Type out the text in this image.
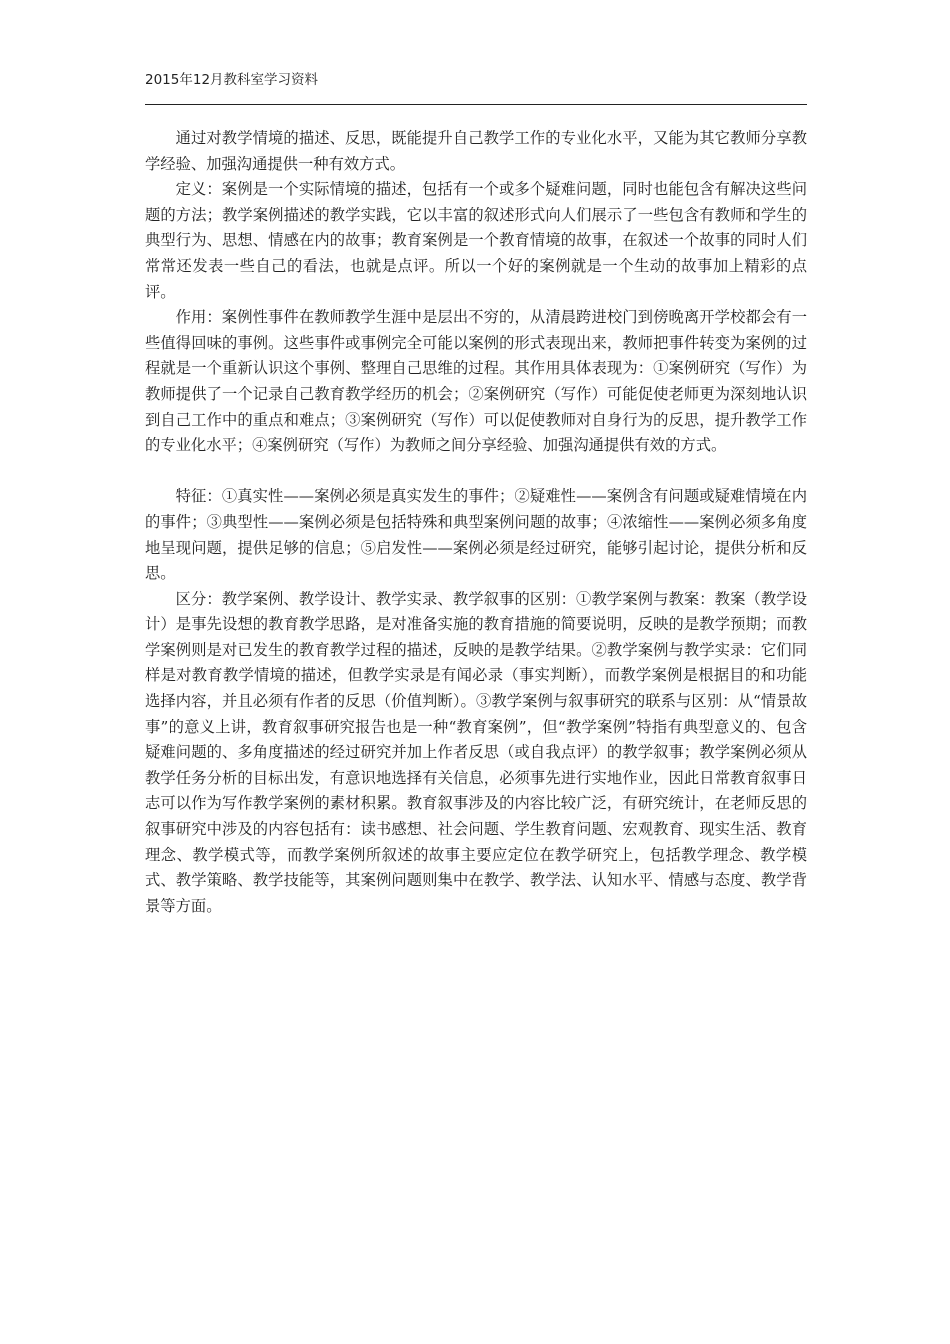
2015年12月教科室学习资料

通过对教学情境的描述、反思，既能提升自己教学工作的专业化水平，又能为其它教师分享教学经验、加强沟通提供一种有效方式。

定义：案例是一个实际情境的描述，包括有一个或多个疑难问题，同时也能包含有解决这些问题的方法；教学案例描述的教学实践，它以丰富的叙述形式向人们展示了一些包含有教师和学生的典型行为、思想、情感在内的故事；教育案例是一个教育情境的故事，在叙述一个故事的同时人们常常还发表一些自己的看法，也就是点评。所以一个好的案例就是一个生动的故事加上精彩的点评。

作用：案例性事件在教师教学生涯中是层出不穷的，从清晨跨进校门到傍晚离开学校都会有一些值得回味的事例。这些事件或事例完全可能以案例的形式表现出来，教师把事件转变为案例的过程就是一个重新认识这个事例、整理自己思维的过程。其作用具体表现为：①案例研究（写作）为教师提供了一个记录自己教育教学经历的机会；②案例研究（写作）可能促使老师更为深刻地认识到自己工作中的重点和难点；③案例研究（写作）可以促使教师对自身行为的反思，提升教学工作的专业化水平；④案例研究（写作）为教师之间分享经验、加强沟通提供有效的方式。

特征：①真实性——案例必须是真实发生的事件；②疑难性——案例含有问题或疑难情境在内的事件；③典型性——案例必须是包括特殊和典型案例问题的故事；④浓缩性——案例必须多角度地呈现问题，提供足够的信息；⑤启发性——案例必须是经过研究，能够引起讨论，提供分析和反思。

区分：教学案例、教学设计、教学实录、教学叙事的区别：①教学案例与教案：教案（教学设计）是事先设想的教育教学思路，是对准备实施的教育措施的简要说明，反映的是教学预期；而教学案例则是对已发生的教育教学过程的描述，反映的是教学结果。②教学案例与教学实录：它们同样是对教育教学情境的描述，但教学实录是有闻必录（事实判断），而教学案例是根据目的和功能选择内容，并且必须有作者的反思（价值判断）。③教学案例与叙事研究的联系与区别：从“情景故事”的意义上讲，教育叙事研究报告也是一种“教育案例”，但“教学案例”特指有典型意义的、包含疑难问题的、多角度描述的经过研究并加上作者反思（或自我点评）的教学叙事；教学案例必须从教学任务分析的目标出发，有意识地选择有关信息，必须事先进行实地作业，因此日常教育叙事日志可以作为写作教学案例的素材积累。教育叙事涉及的内容比较广泛，有研究统计，在老师反思的叙事研究中涉及的内容包括有：读书感想、社会问题、学生教育问题、宏观教育、现实生活、教育理念、教学模式等，而教学案例所叙述的故事主要应定位在教学研究上，包括教学理念、教学模式、教学策略、教学技能等，其案例问题则集中在教学、教学法、认知水平、情感与态度、教学背景等方面。
